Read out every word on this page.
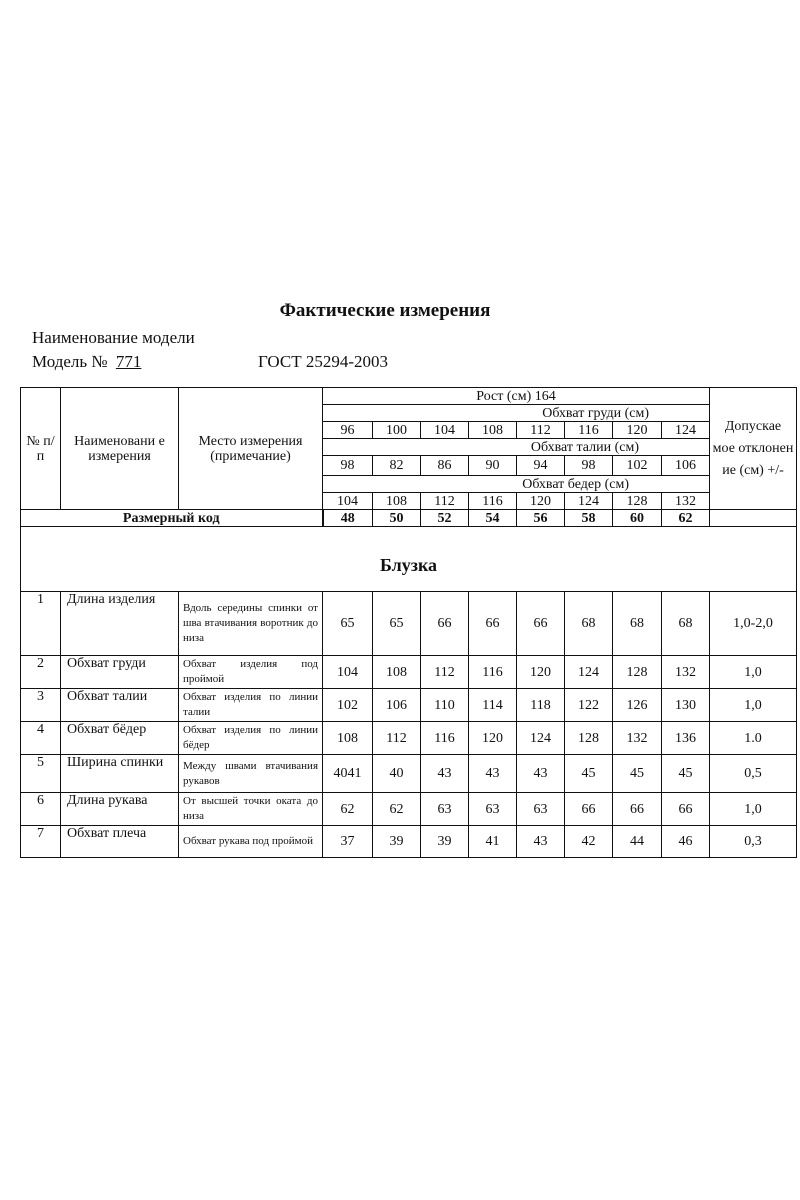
Фактические измерения
Наименование модели
Модель № 771	ГОСТ 25294-2003
№ п/п	Наименовани е измерения	Место измерения (примечание)	Рост (см) 164								Допускае мое отклонен ие (см) +/-
			Обхват груди (см)								
			96	100	104	108	112	116	120	124	
			Обхват талии (см)								
			98	82	86	90	94	98	102	106	
			Обхват бедер (см)								
			104	108	112	116	120	124	128	132	
Размерный код			48	50	52	54	56	58	60	62	
Блузка											
1	Длина изделия	Вдоль середины спинки от шва втачивания воротник до низа	65	65	66	66	66	68	68	68	1,0-2,0
2	Обхват груди	Обхват изделия под проймой	104	108	112	116	120	124	128	132	1,0
3	Обхват талии	Обхват изделия по линии талии	102	106	110	114	118	122	126	130	1,0
4	Обхват бёдер	Обхват изделия по линии бёдер	108	112	116	120	124	128	132	136	1.0
5	Ширина спинки	Между швами втачивания рукавов	4041	40	43	43	43	45	45	45	0,5
6	Длина рукава	От высшей точки оката до низа	62	62	63	63	63	66	66	66	1,0
7	Обхват плеча	Обхват рукава под проймой	37	39	39	41	43	42	44	46	0,3
